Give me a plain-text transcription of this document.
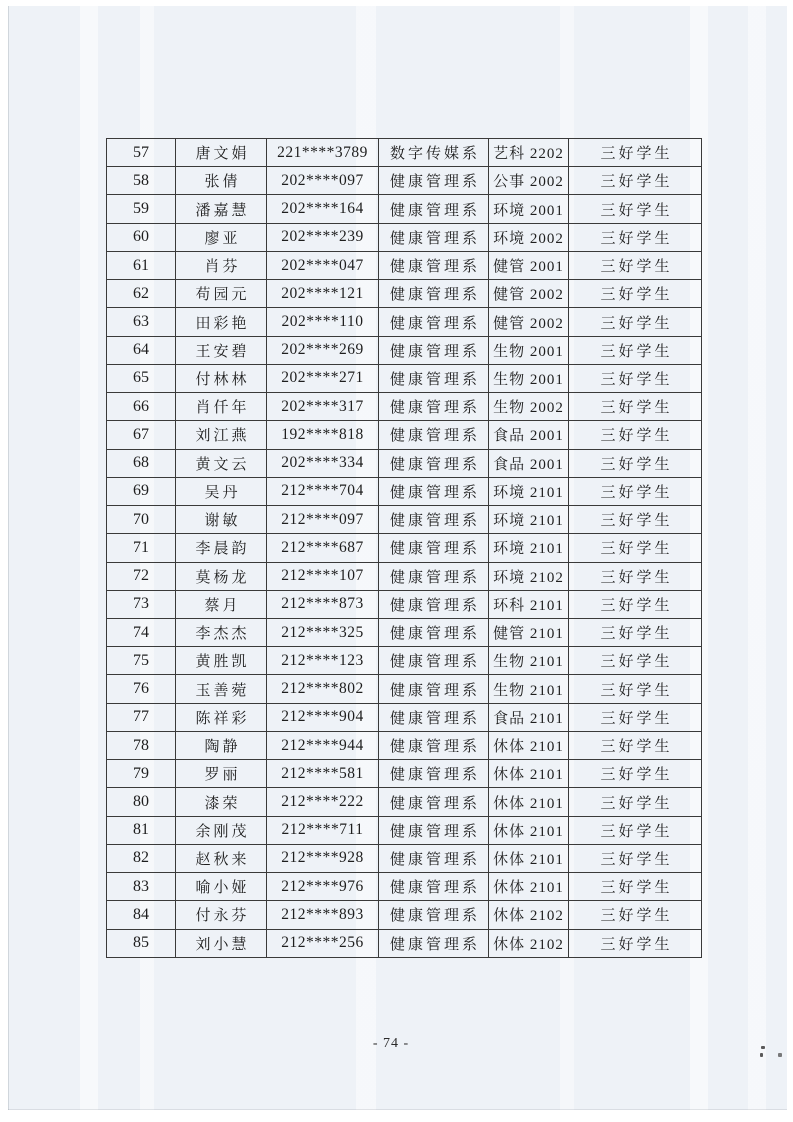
57	唐文娟	221****3789	数字传媒系	艺科 2202	三好学生
58	张倩	202****097	健康管理系	公事 2002	三好学生
59	潘嘉慧	202****164	健康管理系	环境 2001	三好学生
60	廖亚	202****239	健康管理系	环境 2002	三好学生
61	肖芬	202****047	健康管理系	健管 2001	三好学生
62	苟园元	202****121	健康管理系	健管 2002	三好学生
63	田彩艳	202****110	健康管理系	健管 2002	三好学生
64	王安碧	202****269	健康管理系	生物 2001	三好学生
65	付林林	202****271	健康管理系	生物 2001	三好学生
66	肖仟年	202****317	健康管理系	生物 2002	三好学生
67	刘江燕	192****818	健康管理系	食品 2001	三好学生
68	黄文云	202****334	健康管理系	食品 2001	三好学生
69	吴丹	212****704	健康管理系	环境 2101	三好学生
70	谢敏	212****097	健康管理系	环境 2101	三好学生
71	李晨韵	212****687	健康管理系	环境 2101	三好学生
72	莫杨龙	212****107	健康管理系	环境 2102	三好学生
73	蔡月	212****873	健康管理系	环科 2101	三好学生
74	李杰杰	212****325	健康管理系	健管 2101	三好学生
75	黄胜凯	212****123	健康管理系	生物 2101	三好学生
76	玉善菀	212****802	健康管理系	生物 2101	三好学生
77	陈祥彩	212****904	健康管理系	食品 2101	三好学生
78	陶静	212****944	健康管理系	休体 2101	三好学生
79	罗丽	212****581	健康管理系	休体 2101	三好学生
80	漆荣	212****222	健康管理系	休体 2101	三好学生
81	余刚茂	212****711	健康管理系	休体 2101	三好学生
82	赵秋来	212****928	健康管理系	休体 2101	三好学生
83	喻小娅	212****976	健康管理系	休体 2101	三好学生
84	付永芬	212****893	健康管理系	休体 2102	三好学生
85	刘小慧	212****256	健康管理系	休体 2102	三好学生
- 74 -
